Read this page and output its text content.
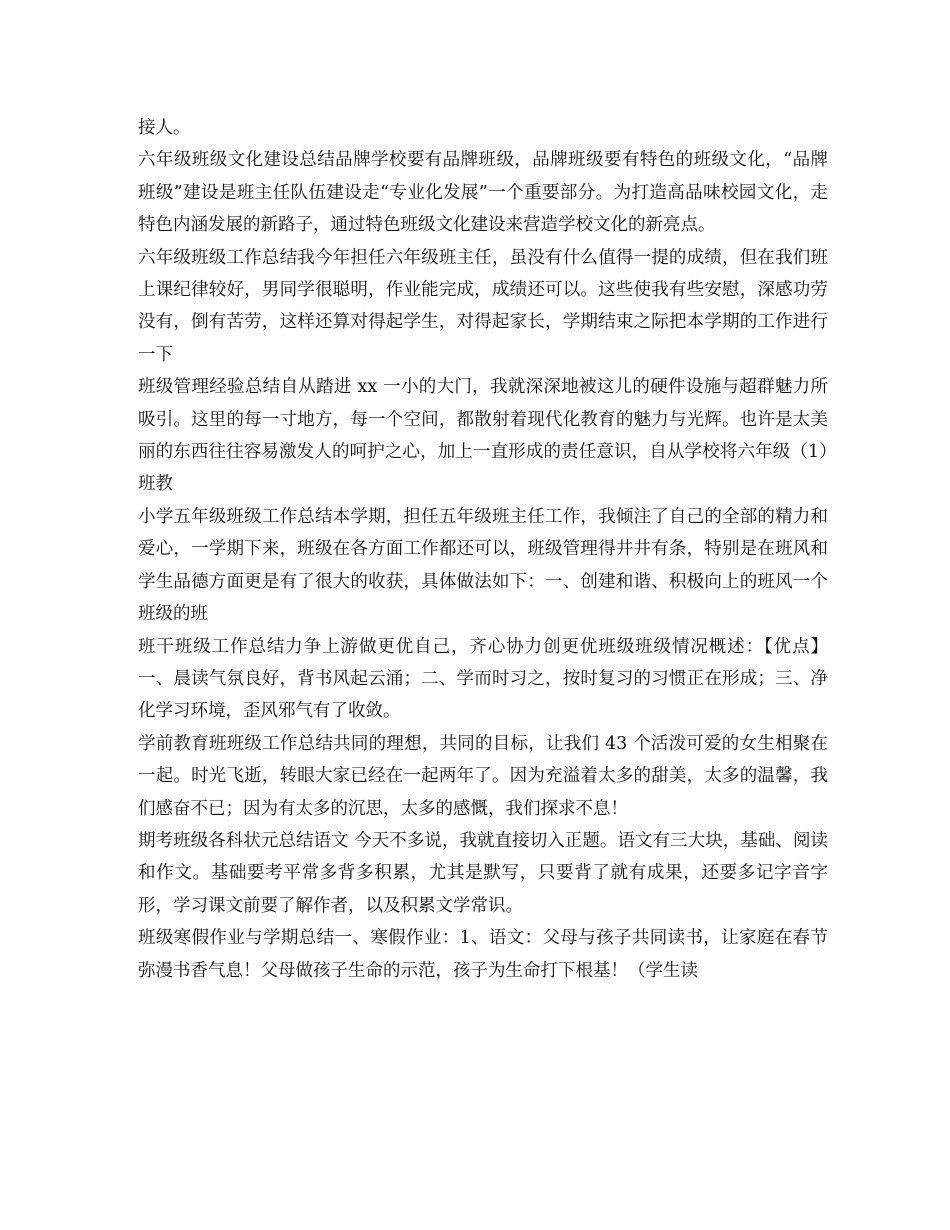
接人。

六年级班级文化建设总结品牌学校要有品牌班级，品牌班级要有特色的班级文化，“品牌班级”建设是班主任队伍建设走“专业化发展”一个重要部分。为打造高品味校园文化，走特色内涵发展的新路子，通过特色班级文化建设来营造学校文化的新亮点。

六年级班级工作总结我今年担任六年级班主任，虽没有什么值得一提的成绩，但在我们班上课纪律较好，男同学很聪明，作业能完成，成绩还可以。这些使我有些安慰，深感功劳没有，倒有苦劳，这样还算对得起学生，对得起家长，学期结束之际把本学期的工作进行一下

班级管理经验总结自从踏进 xx 一小的大门，我就深深地被这儿的硬件设施与超群魅力所吸引。这里的每一寸地方，每一个空间，都散射着现代化教育的魅力与光辉。也许是太美丽的东西往往容易激发人的呵护之心，加上一直形成的责任意识，自从学校将六年级（1）班教

小学五年级班级工作总结本学期，担任五年级班主任工作，我倾注了自己的全部的精力和爱心，一学期下来，班级在各方面工作都还可以，班级管理得井井有条，特别是在班风和学生品德方面更是有了很大的收获，具体做法如下：一、创建和谐、积极向上的班风一个班级的班

班干班级工作总结力争上游做更优自己，齐心协力创更优班级班级情况概述：【优点】一、晨读气氛良好，背书风起云涌；二、学而时习之，按时复习的习惯正在形成；三、净化学习环境，歪风邪气有了收敛。

学前教育班班级工作总结共同的理想，共同的目标，让我们 43 个活泼可爱的女生相聚在一起。时光飞逝，转眼大家已经在一起两年了。因为充溢着太多的甜美，太多的温馨，我们感奋不已；因为有太多的沉思，太多的感慨，我们探求不息！

期考班级各科状元总结语文 今天不多说，我就直接切入正题。语文有三大块，基础、阅读和作文。基础要考平常多背多积累，尤其是默写，只要背了就有成果，还要多记字音字形，学习课文前要了解作者，以及积累文学常识。

班级寒假作业与学期总结一、寒假作业：1、语文：父母与孩子共同读书，让家庭在春节弥漫书香气息！父母做孩子生命的示范，孩子为生命打下根基！（学生读
